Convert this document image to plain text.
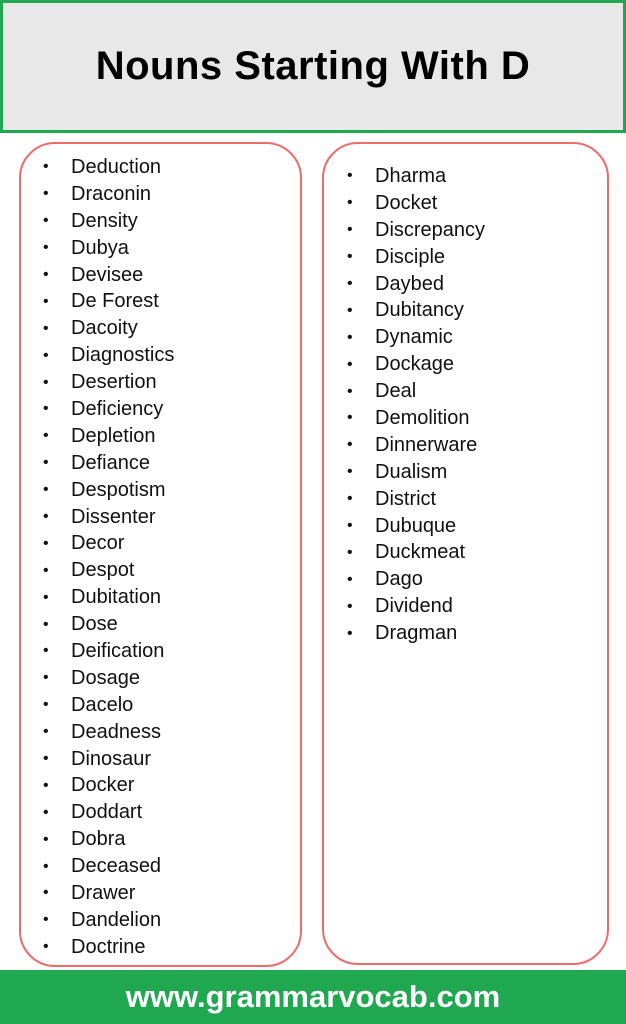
Nouns Starting With D
•	Deduction
•	Draconin
•	Density
•	Dubya
•	Devisee
•	De Forest
•	Dacoity
•	Diagnostics
•	Desertion
•	Deficiency
•	Depletion
•	Defiance
•	Despotism
•	Dissenter
•	Decor
•	Despot
•	Dubitation
•	Dose
•	Deification
•	Dosage
•	Dacelo
•	Deadness
•	Dinosaur
•	Docker
•	Doddart
•	Dobra
•	Deceased
•	Drawer
•	Dandelion
•	Doctrine
•	Dharma
•	Docket
•	Discrepancy
•	Disciple
•	Daybed
•	Dubitancy
•	Dynamic
•	Dockage
•	Deal
•	Demolition
•	Dinnerware
•	Dualism
•	District
•	Dubuque
•	Duckmeat
•	Dago
•	Dividend
•	Dragman
www.grammarvocab.com
